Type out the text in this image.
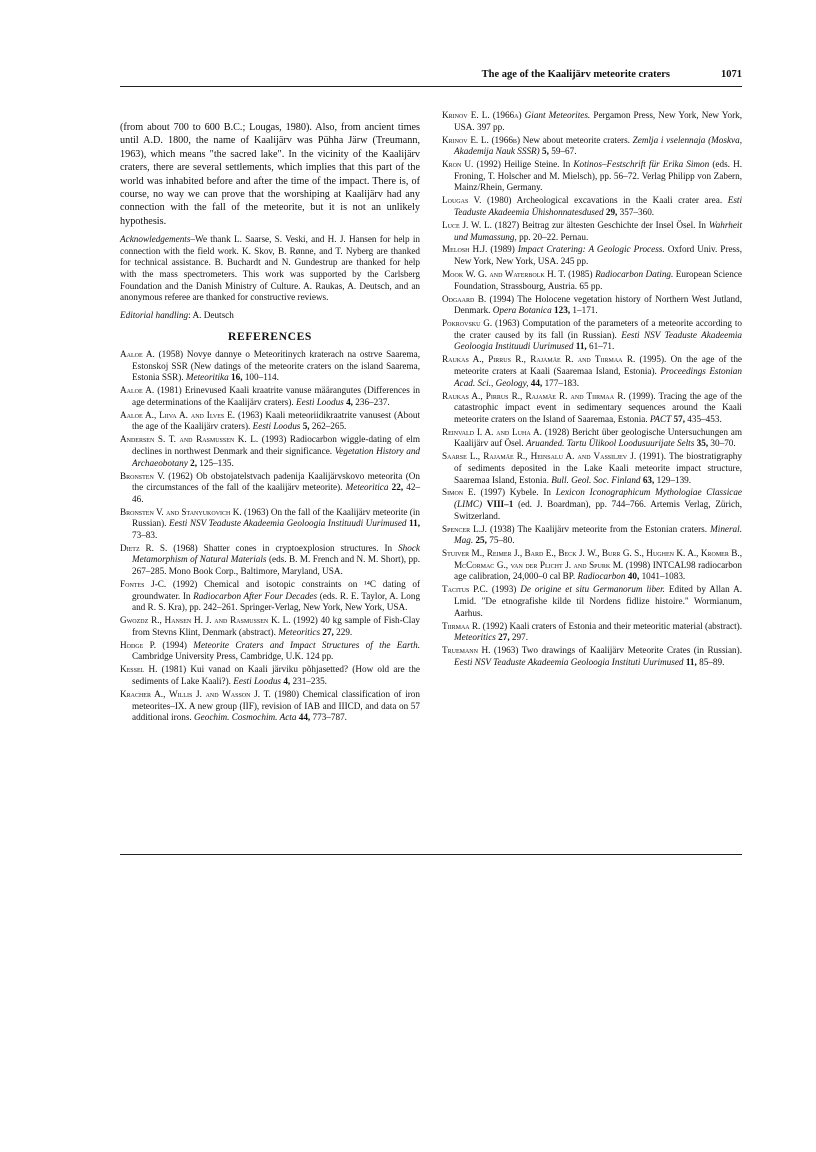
The age of the Kaalijärv meteorite craters	1071

(from about 700 to 600 B.C.; Lougas, 1980). Also, from ancient times until A.D. 1800, the name of Kaalijärv was Pühha Järw (Treumann, 1963), which means "the sacred lake". In the vicinity of the Kaalijärv craters, there are several settlements, which implies that this part of the world was inhabited before and after the time of the impact. There is, of course, no way we can prove that the worshiping at Kaalijärv had any connection with the fall of the meteorite, but it is not an unlikely hypothesis.

Acknowledgements–We thank L. Saarse, S. Veski, and H. J. Hansen for help in connection with the field work. K. Skov, B. Rønne, and T. Nyberg are thanked for technical assistance. B. Buchardt and N. Gundestrup are thanked for help with the mass spectrometers. This work was supported by the Carlsberg Foundation and the Danish Ministry of Culture. A. Raukas, A. Deutsch, and an anonymous referee are thanked for constructive reviews.

Editorial handling: A. Deutsch

REFERENCES

Aaloe A. (1958) Novye dannye o Meteoritinych kraterach na ostrve Saarema, Estonskoj SSR (New datings of the meteorite craters on the island Saarema, Estonia SSR). Meteoritika 16, 100–114.

Aaloe A. (1981) Erinevused Kaali kraatrite vanuse määrangutes (Differences in age determinations of the Kaalijärv craters). Eesti Loodus 4, 236–237.

Aaloe A., Liiva A. and Ilves E. (1963) Kaali meteoriidikraatrite vanusest (About the age of the Kaalijärv craters). Eesti Loodus 5, 262–265.

Andersen S. T. and Rasmussen K. L. (1993) Radiocarbon wiggle-dating of elm declines in northwest Denmark and their significance. Vegetation History and Archaeobotany 2, 125–135.

Bronsten V. (1962) Ob obstojatelstvach padenija Kaalijärvskovo meteorita (On the circumstances of the fall of the kaalijärv meteorite). Meteoritica 22, 42–46.

Bronsten V. and Stanyukovich K. (1963) On the fall of the Kaalijärv meteorite (in Russian). Eesti NSV Teaduste Akadeemia Geoloogia Instituudi Uurimused 11, 73–83.

Dietz R. S. (1968) Shatter cones in cryptoexplosion structures. In Shock Metamorphism of Natural Materials (eds. B. M. French and N. M. Short), pp. 267–285. Mono Book Corp., Baltimore, Maryland, USA.

Fontes J-C. (1992) Chemical and isotopic constraints on ¹⁴C dating of groundwater. In Radiocarbon After Four Decades (eds. R. E. Taylor, A. Long and R. S. Kra), pp. 242–261. Springer-Verlag, New York, New York, USA.

Gwozdz R., Hansen H. J. and Rasmussen K. L. (1992) 40 kg sample of Fish-Clay from Stevns Klint, Denmark (abstract). Meteoritics 27, 229.

Hodge P. (1994) Meteorite Craters and Impact Structures of the Earth. Cambridge University Press, Cambridge, U.K. 124 pp.

Kessel H. (1981) Kui vanad on Kaali järviku põhjasetted? (How old are the sediments of Lake Kaali?). Eesti Loodus 4, 231–235.

Kracher A., Willis J. and Wasson J. T. (1980) Chemical classification of iron meteorites–IX. A new group (IIF), revision of IAB and IIICD, and data on 57 additional irons. Geochim. Cosmochim. Acta 44, 773–787.

Krinov E. L. (1966a) Giant Meteorites. Pergamon Press, New York, New York, USA. 397 pp.

Krinov E. L. (1966b) New about meteorite craters. Zemlja i vselennaja (Moskva, Akademija Nauk SSSR) 5, 59–67.

Kron U. (1992) Heilige Steine. In Kotinos–Festschrift für Erika Simon (eds. H. Froning, T. Holscher and M. Mielsch), pp. 56–72. Verlag Philipp von Zabern, Mainz/Rhein, Germany.

Lougas V. (1980) Archeological excavations in the Kaali crater area. Esti Teaduste Akadeemia Ühishonnatesdused 29, 357–360.

Luce J. W. L. (1827) Beitrag zur ältesten Geschichte der Insel Ösel. In Wahrheit und Mumassung, pp. 20–22. Pernau.

Melosh H.J. (1989) Impact Cratering: A Geologic Process. Oxford Univ. Press, New York, New York, USA. 245 pp.

Mook W. G. and Waterbolk H. T. (1985) Radiocarbon Dating. European Science Foundation, Strassbourg, Austria. 65 pp.

Odgaard B. (1994) The Holocene vegetation history of Northern West Jutland, Denmark. Opera Botanica 123, 1–171.

Pokrovsku G. (1963) Computation of the parameters of a meteorite according to the crater caused by its fall (in Russian). Eesti NSV Teaduste Akadeemia Geoloogia Instituudi Uurimused 11, 61–71.

Raukas A., Pirrus R., Rajamäe R. and Tiirmaa R. (1995). On the age of the meteorite craters at Kaali (Saaremaa Island, Estonia). Proceedings Estonian Acad. Sci., Geology, 44, 177–183.

Raukas A., Pirrus R., Rajamäe R. and Tiirmaa R. (1999). Tracing the age of the catastrophic impact event in sedimentary sequences around the Kaali meteorite craters on the Island of Saaremaa, Estonia. PACT 57, 435–453.

Reinvald I. A. and Luha A. (1928) Bericht über geologische Untersuchungen am Kaalijärv auf Ösel. Aruanded. Tartu Ülikool Loodusuurijate Selts 35, 30–70.

Saarse L., Rajamäe R., Heinsalu A. and Vassiljev J. (1991). The biostratigraphy of sediments deposited in the Lake Kaali meteorite impact structure, Saaremaa Island, Estonia. Bull. Geol. Soc. Finland 63, 129–139.

Simon E. (1997) Kybele. In Lexicon Iconographicum Mythologiae Classicae (LIMC) VIII–1 (ed. J. Boardman), pp. 744–766. Artemis Verlag, Zürich, Switzerland.

Spencer L.J. (1938) The Kaalijärv meteorite from the Estonian craters. Mineral. Mag. 25, 75–80.

Stuiver M., Reimer J., Bard E., Beck J. W., Burr G. S., Hughen K. A., Kromer B., McCormac G., van der Plicht J. and Spurk M. (1998) INTCAL98 radiocarbon age calibration, 24,000–0 cal BP. Radiocarbon 40, 1041–1083.

Tacitus P.C. (1993) De origine et situ Germanorum liber. Edited by Allan A. Lmid. "De etnografishe kilde til Nordens fidlize histoire." Wormianum, Aarhus.

Tiirmaa R. (1992) Kaali craters of Estonia and their meteoritic material (abstract). Meteoritics 27, 297.

Truemann H. (1963) Two drawings of Kaalijärv Meteorite Crates (in Russian). Eesti NSV Teaduste Akadeemia Geoloogia Instituti Uurimused 11, 85–89.
